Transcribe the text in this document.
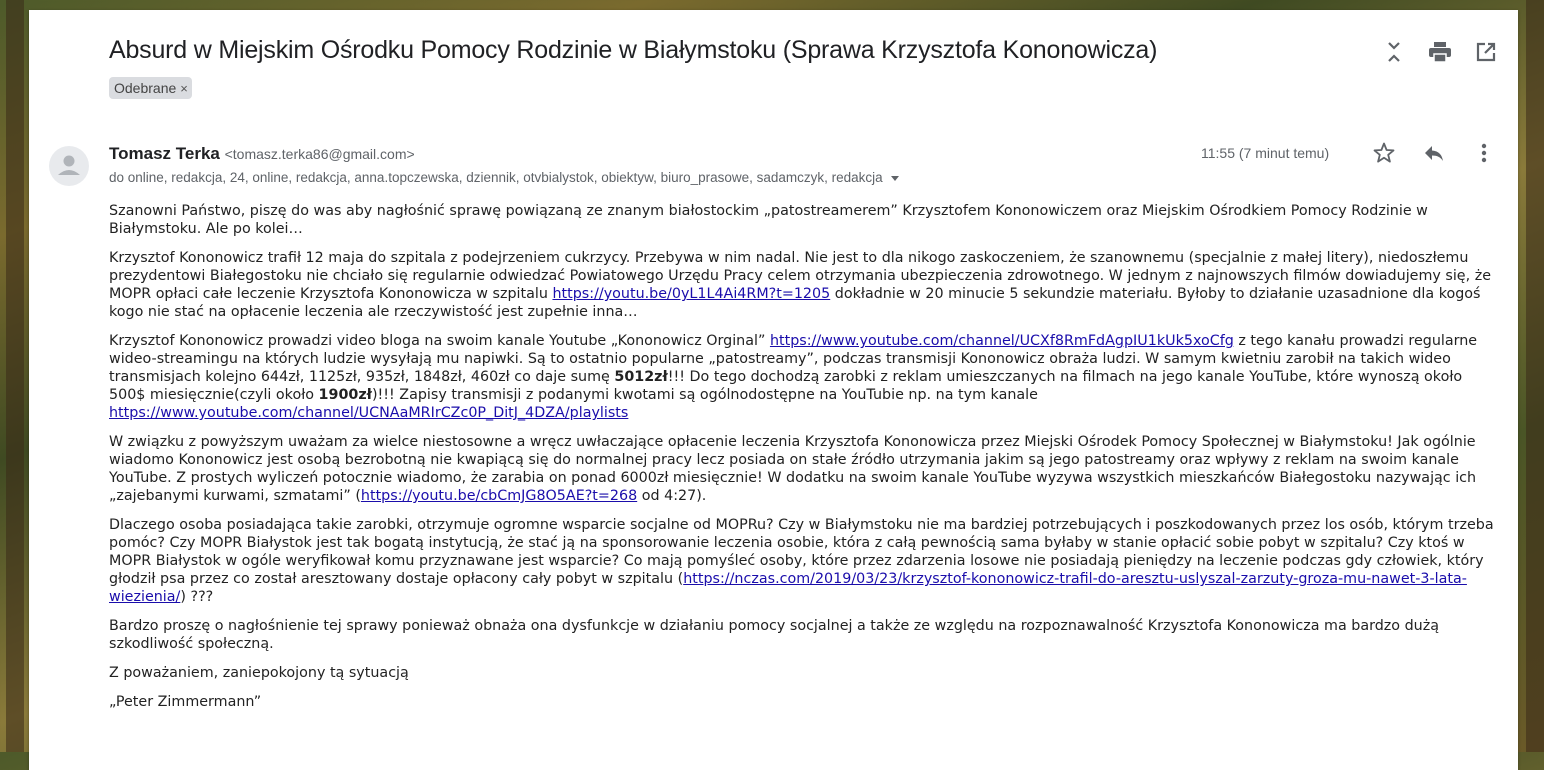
Absurd w Miejskim Ośrodku Pomocy Rodzinie w Białymstoku (Sprawa Krzysztofa Kononowicza)
Odebrane ×
Tomasz Terka <tomasz.terka86@gmail.com>
do online, redakcja, 24, online, redakcja, anna.topczewska, dziennik, otvbialystok, obiektyw, biuro_prasowe, sadamczyk, redakcja
11:55 (7 minut temu)

Szanowni Państwo, piszę do was aby nagłośnić sprawę powiązaną ze znanym białostockim „patostreamerem” Krzysztofem Kononowiczem oraz Miejskim Ośrodkiem Pomocy Rodzinie w Białymstoku. Ale po kolei…

Krzysztof Kononowicz trafił 12 maja do szpitala z podejrzeniem cukrzycy. Przebywa w nim nadal. Nie jest to dla nikogo zaskoczeniem, że szanownemu (specjalnie z małej litery), niedoszłemu prezydentowi Białegostoku nie chciało się regularnie odwiedzać Powiatowego Urzędu Pracy celem otrzymania ubezpieczenia zdrowotnego. W jednym z najnowszych filmów dowiadujemy się, że MOPR opłaci całe leczenie Krzysztofa Kononowicza w szpitalu https://youtu.be/0yL1L4Ai4RM?t=1205 dokładnie w 20 minucie 5 sekundzie materiału. Byłoby to działanie uzasadnione dla kogoś kogo nie stać na opłacenie leczenia ale rzeczywistość jest zupełnie inna…

Krzysztof Kononowicz prowadzi video bloga na swoim kanale Youtube „Kononowicz Orginal” https://www.youtube.com/channel/UCXf8RmFdAgpIU1kUk5xoCfg z tego kanału prowadzi regularne wideo-streamingu na których ludzie wysyłają mu napiwki. Są to ostatnio popularne „patostreamy”, podczas transmisji Kononowicz obraża ludzi. W samym kwietniu zarobił na takich wideo transmisjach kolejno 644zł, 1125zł, 935zł, 1848zł, 460zł co daje sumę 5012zł!!! Do tego dochodzą zarobki z reklam umieszczanych na filmach na jego kanale YouTube, które wynoszą około 500$ miesięcznie(czyli około 1900zł)!!! Zapisy transmisji z podanymi kwotami są ogólnodostępne na YouTubie np. na tym kanale https://www.youtube.com/channel/UCNAaMRIrCZc0P_DitJ_4DZA/playlists

W związku z powyższym uważam za wielce niestosowne a wręcz uwłaczające opłacenie leczenia Krzysztofa Kononowicza przez Miejski Ośrodek Pomocy Społecznej w Białymstoku! Jak ogólnie wiadomo Kononowicz jest osobą bezrobotną nie kwapiącą się do normalnej pracy lecz posiada on stałe źródło utrzymania jakim są jego patostreamy oraz wpływy z reklam na swoim kanale YouTube. Z prostych wyliczeń potocznie wiadomo, że zarabia on ponad 6000zł miesięcznie! W dodatku na swoim kanale YouTube wyzywa wszystkich mieszkańców Białegostoku nazywając ich „zajebanymi kurwami, szmatami” (https://youtu.be/cbCmJG8O5AE?t=268 od 4:27).

Dlaczego osoba posiadająca takie zarobki, otrzymuje ogromne wsparcie socjalne od MOPRu? Czy w Białymstoku nie ma bardziej potrzebujących i poszkodowanych przez los osób, którym trzeba pomóc? Czy MOPR Białystok jest tak bogatą instytucją, że stać ją na sponsorowanie leczenia osobie, która z całą pewnością sama byłaby w stanie opłacić sobie pobyt w szpitalu? Czy ktoś w MOPR Białystok w ogóle weryfikował komu przyznawane jest wsparcie? Co mają pomyśleć osoby, które przez zdarzenia losowe nie posiadają pieniędzy na leczenie podczas gdy człowiek, który głodził psa przez co został aresztowany dostaje opłacony cały pobyt w szpitalu (https://nczas.com/2019/03/23/krzysztof-kononowicz-trafil-do-aresztu-uslyszal-zarzuty-groza-mu-nawet-3-lata-wiezienia/) ???

Bardzo proszę o nagłośnienie tej sprawy ponieważ obnaża ona dysfunkcje w działaniu pomocy socjalnej a także ze względu na rozpoznawalność Krzysztofa Kononowicza ma bardzo dużą szkodliwość społeczną.

Z poważaniem, zaniepokojony tą sytuacją

„Peter Zimmermann”
